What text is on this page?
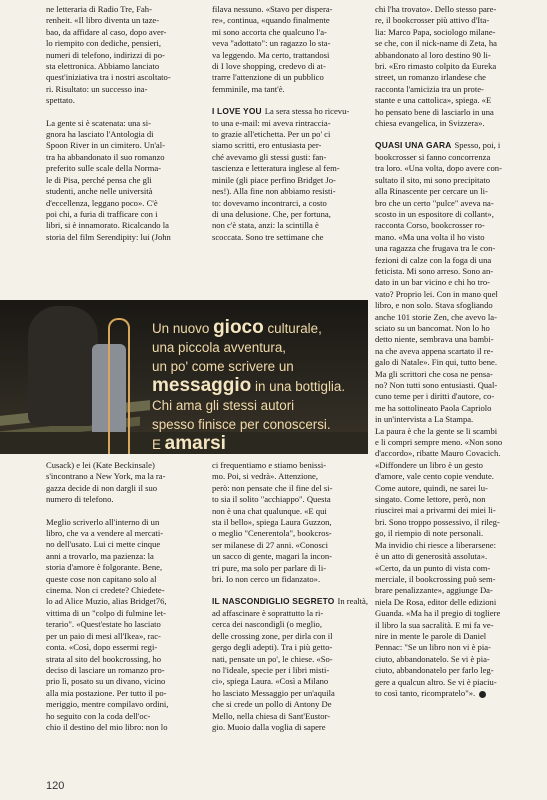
ne letteraria di Radio Tre, Fah-
renheit. «Il libro diventa un taze-
bao, da affidare al caso, dopo aver-
lo riempito con dediche, pensieri,
numeri di telefono, indirizzi di po-
sta elettronica. Abbiamo lanciato
quest'iniziativa tra i nostri ascoltato-
ri. Risultato: un successo ina-
spettato.
La gente si è scatenata: una si-
gnora ha lasciato l'Antologia di
Spoon River in un cimitero. Un'al-
tra ha abbandonato il suo romanzo
preferito sulle scale della Norma-
le di Pisa, perché pensa che gli
studenti, anche nelle università
d'eccellenza, leggano poco». C'è
poi chi, a furia di trafficare con i
libri, si è innamorato. Ricalcando la
storia del film Serendipity: lui (John
filava nessuno. «Stavo per dispera-
re», continua, «quando finalmente
mi sono accorta che qualcuno l'a-
veva "adottato": un ragazzo lo sta-
va leggendo. Ma certo, trattandosi
di I love shopping, credevo di at-
trarre l'attenzione di un pubblico
femminile, ma tant'è.
I LOVE YOU La sera stessa ho ricevu-
to una e-mail: mi aveva rintraccia-
to grazie all'etichetta. Per un po' ci
siamo scritti, ero entusiasta per-
ché avevamo gli stessi gusti: fan-
tascienza e letteratura inglese al fem-
minile (gli piace perfino Bridget Jo-
nes!). Alla fine non abbiamo resisti-
to: dovevamo incontrarci, a costo
di una delusione. Che, per fortuna,
non c'è stata, anzi: la scintilla è
scoccata. Sono tre settimane che
chi l'ha trovato». Dello stesso pare-
re, il bookcrosser più attivo d'Ita-
lia: Marco Papa, sociologo milane-
se che, con il nick-name di Zeta, ha
abbandonato al loro destino 90 li-
bri. «Ero rimasto colpito da Eureka
street, un romanzo irlandese che
racconta l'amicizia tra un prote-
stante e una cattolica», spiega. «E
ho pensato bene di lasciarlo in una
chiesa evangelica, in Svizzera».
QUASI UNA GARA Spesso, poi, i
bookcrosser si fanno concorrenza
tra loro. «Una volta, dopo avere con-
sultato il sito, mi sono precipitato
alla Rinascente per cercare un li-
bro che un certo "pulce" aveva na-
scosto in un espositore di collant»,
racconta Corso, bookcrosser ro-
mano. «Ma una volta il ho visto
una ragazza che frugava tra le con-
fezioni di calze con la foga di una
feticista. Mi sono arreso. Sono an-
dato in un bar vicino e chi ho tro-
vato? Proprio lei. Con in mano quel
libro, e non solo. Stava sfogliando
anche 101 storie Zen, che avevo la-
sciato su un bancomat. Non lo ho
detto niente, sembrava una bambi-
na che aveva appena scartato il re-
galo di Natale». Fin qui, tutto bene.
Ma gli scrittori che cosa ne pensa-
no? Non tutti sono entusiasti. Qual-
cuno teme per i diritti d'autore, co-
me ha sottolineato Paola Capriolo
in un'intervista a La Stampa.
La paura è che la gente se li scambi
e li compri sempre meno. «Non sono
d'accordo», ribatte Mauro Covacich.
«Diffondere un libro è un gesto
d'amore, vale cento copie vendute.
Come autore, quindi, ne sarei lu-
singato. Come lettore, però, non
riuscirei mai a privarmi dei miei li-
bri. Sono troppo possessivo, il rileg-
go, il riempio di note personali.
Ma invidio chi riesce a liberarsene:
è un atto di generosità assoluta».
«Certo, da un punto di vista com-
merciale, il bookcrossing può sem-
brare penalizzante», aggiunge Da-
niela De Rosa, editor delle edizioni
Guanda. «Ma ha il pregio di togliere
il libro la sua sacralità. E mi fa ve-
nire in mente le parole di Daniel
Pennac: "Se un libro non vi è pia-
ciuto, abbandonatelo. Se vi è pia-
ciuto, abbandonatelo per farlo leg-
gere a qualcun altro. Se vi è piaciu-
to così tanto, ricompratelo"».
Un nuovo gioco culturale,
una piccola avventura,
un po' come scrivere un
messaggio in una bottiglia.
Chi ama gli stessi autori
spesso finisce per conoscersi.
E amarsi
Cusack) e lei (Kate Beckinsale)
s'incontrano a New York, ma la ra-
gazza decide di non dargli il suo
numero di telefono.
Meglio scriverlo all'interno di un
libro, che va a vendere al mercati-
no dell'usato. Lui ci mette cinque
anni a trovarlo, ma pazienza: la
storia d'amore è folgorante. Bene,
queste cose non capitano solo al
cinema. Non ci credete? Chiedete-
lo ad Alice Muzio, alias Bridget76,
vittima di un "colpo di fulmine let-
terario". «Quest'estate ho lasciato
per un paio di mesi all'Ikea», rac-
conta. «Così, dopo essermi regi-
strata al sito del bookcrossing, ho
deciso di lasciare un romanzo pro-
prio lì, posato su un divano, vicino
alla mia postazione. Per tutto il po-
meriggio, mentre compilavo ordini,
ho seguito con la coda dell'oc-
chio il destino del mio libro: non lo
ci frequentiamo e stiamo benissi-
mo. Poi, si vedrà». Attenzione,
però: non pensate che il fine del si-
to sia il solito "acchiappo". Questa
non è una chat qualunque. «E qui
sta il bello», spiega Laura Guzzon,
o meglio "Cenerentola", bookcros-
ser milanese di 27 anni. «Conosci
un sacco di gente, magari la incon-
tri pure, ma solo per parlare di li-
bri. Io non cerco un fidanzato».
IL NASCONDIGLIO SEGRETO In realtà,
ad affascinare è soprattutto la ri-
cerca dei nascondigli (o meglio,
delle crossing zone, per dirla con il
gergo degli adepti). Tra i più getto-
nati, pensate un po', le chiese. «So-
no l'ideale, specie per i libri misti-
ci», spiega Laura. «Così a Milano
ho lasciato Messaggio per un'aquila
che si crede un pollo di Antony De
Mello, nella chiesa di Sant'Eustor-
gio. Muoio dalla voglia di sapere
120
